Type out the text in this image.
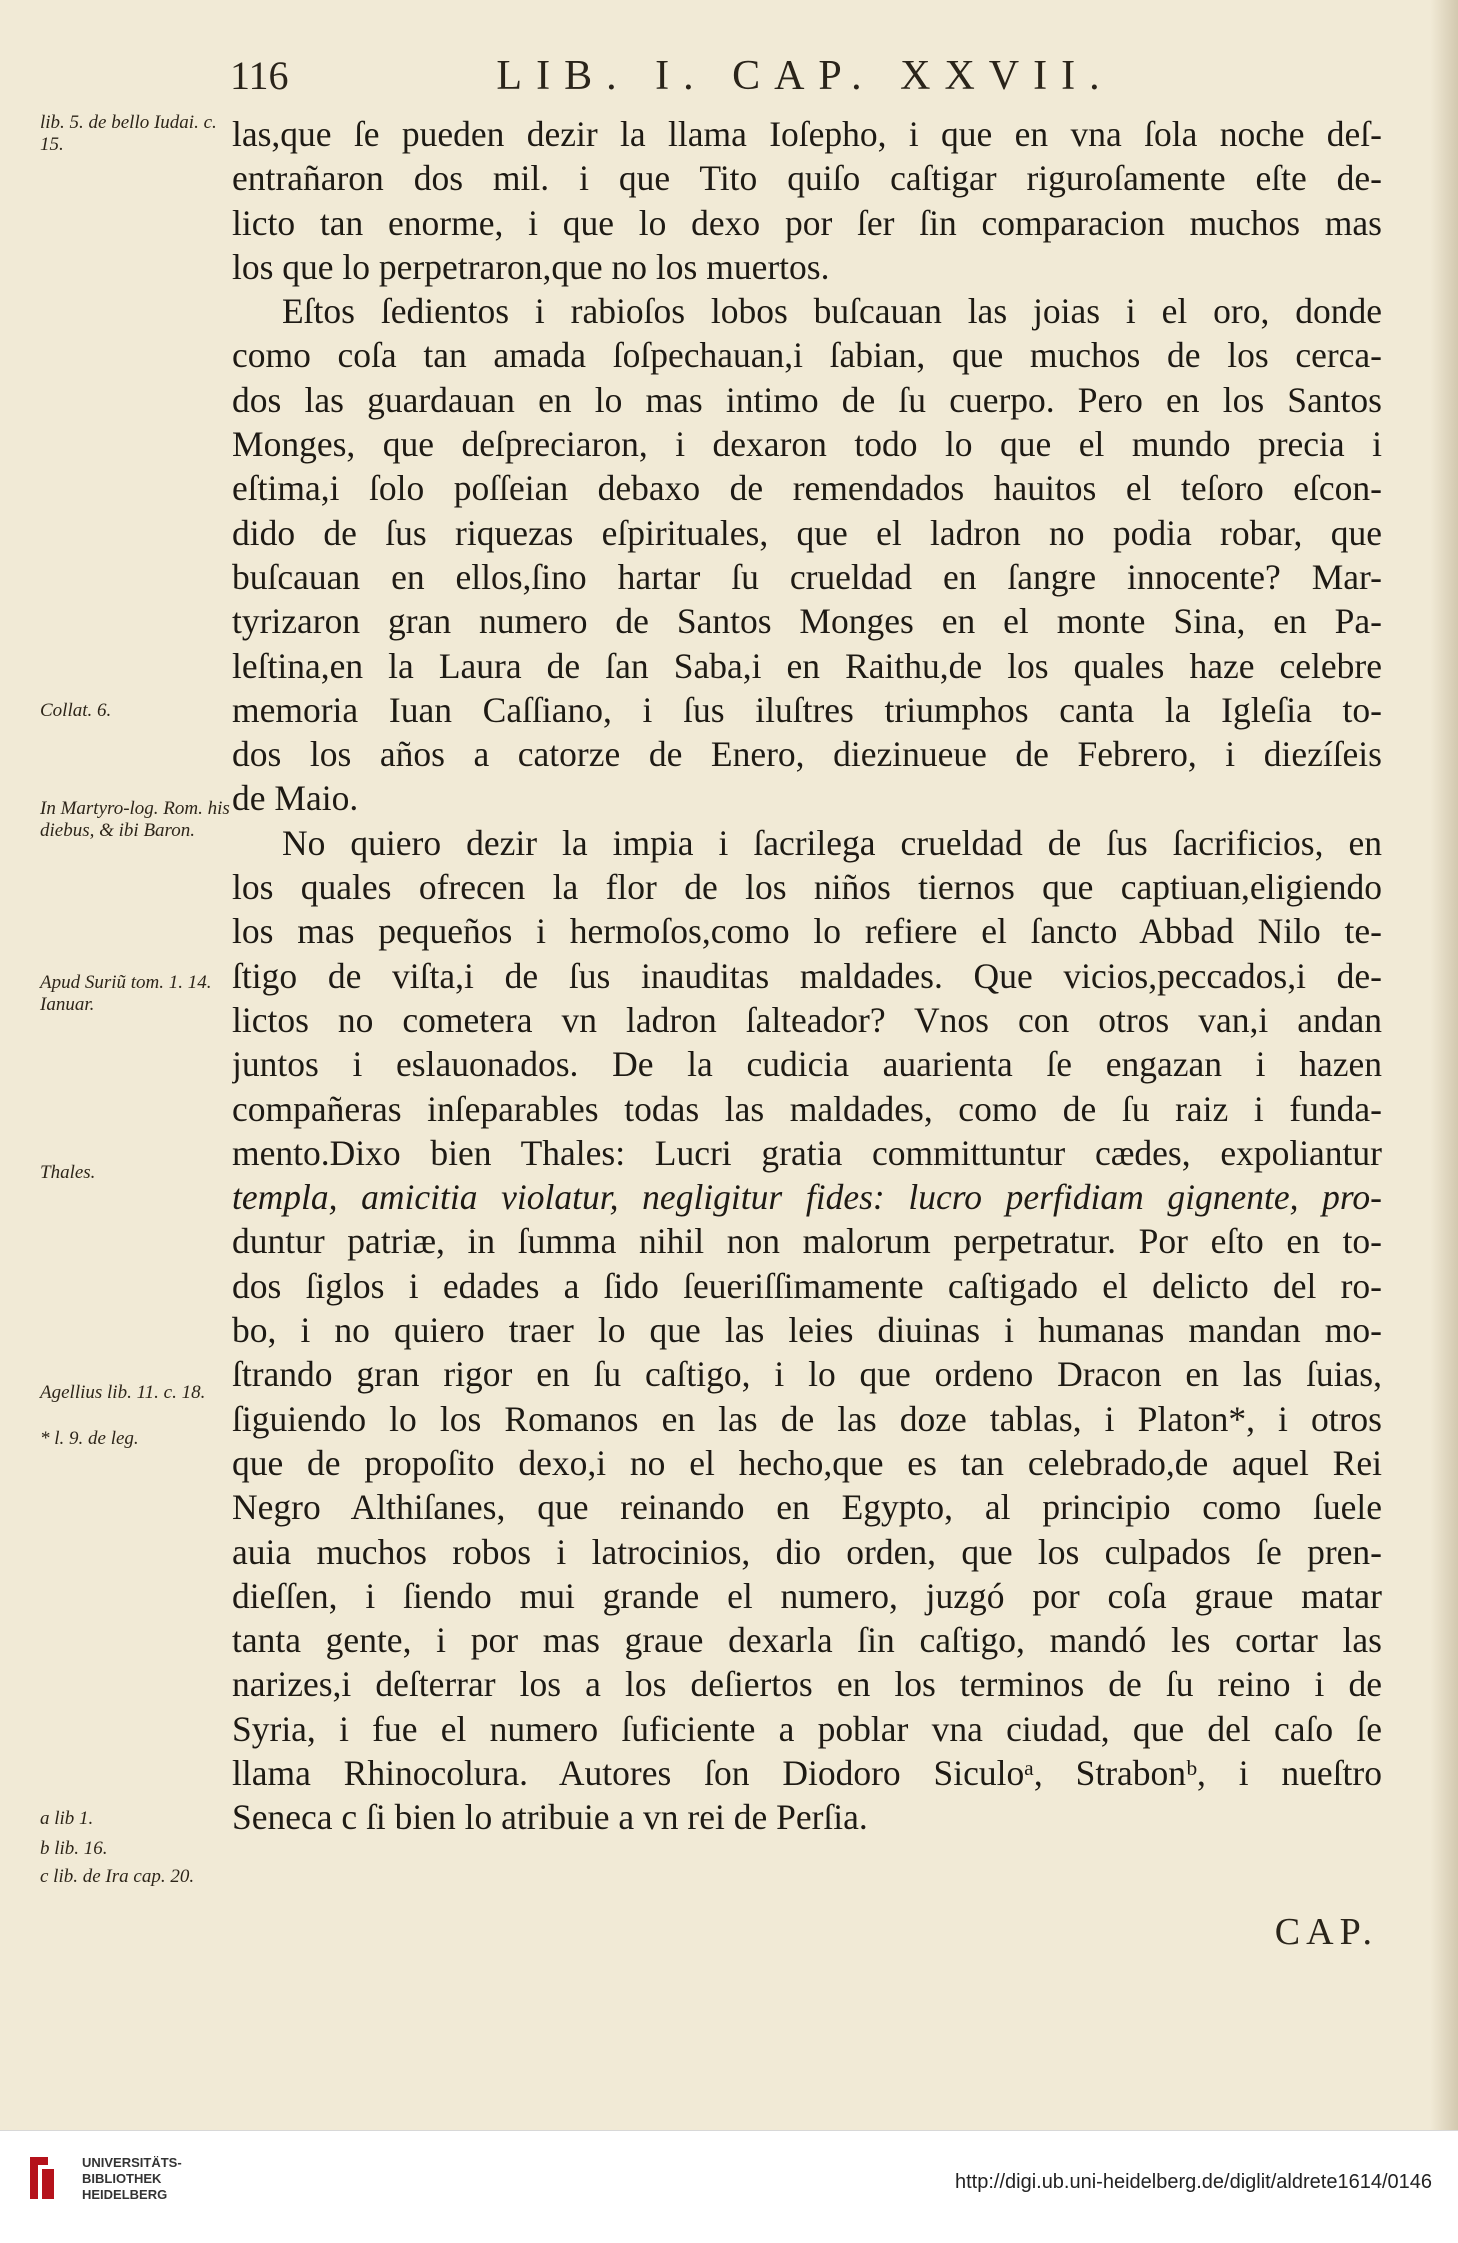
116	LIB. I. CAP. XXVII.
lib. 5. de bello Iudai. c. 15.
Collat. 6.
In Martyro-log. Rom. his diebus, & ibi Baron.
Apud Suriũ tom. 1. 14. Ianuar.
Thales.
Agellius lib. 11. c. 18.
* l. 9. de leg.
a lib 1.
b lib. 16.
c lib. de Ira cap. 20.
las,que ſe pueden dezir la llama Ioſepho, i que en vna ſola noche deſ-
entrañaron dos mil. i que Tito quiſo caſtigar riguroſamente eſte de-
licto tan enorme, i que lo dexo por ſer ſin comparacion muchos mas
los que lo perpetraron,que no los muertos.
Eſtos ſedientos i rabioſos lobos buſcauan las joias i el oro, donde
como coſa tan amada ſoſpechauan,i ſabian, que muchos de los cerca-
dos las guardauan en lo mas intimo de ſu cuerpo. Pero en los Santos
Monges, que deſpreciaron, i dexaron todo lo que el mundo precia i
eſtima,i ſolo poſſeian debaxo de remendados hauitos el teſoro eſcon-
dido de ſus riquezas eſpirituales, que el ladron no podia robar, que
buſcauan en ellos,ſino hartar ſu crueldad en ſangre innocente? Mar-
tyrizaron gran numero de Santos Monges en el monte Sina, en Pa-
leſtina,en la Laura de ſan Saba,i en Raithu,de los quales haze celebre
memoria Iuan Caſſiano, i ſus iluſtres triumphos canta la Igleſia to-
dos los años a catorze de Enero, diezinueue de Febrero, i diezíſeis
de Maio.
No quiero dezir la impia i ſacrilega crueldad de ſus ſacrificios, en
los quales ofrecen la flor de los niños tiernos que captiuan,eligiendo
los mas pequeños i hermoſos,como lo refiere el ſancto Abbad Nilo te-
ſtigo de viſta,i de ſus inauditas maldades. Que vicios,peccados,i de-
lictos no cometera vn ladron ſalteador? Vnos con otros van,i andan
juntos i eslauonados. De la cudicia auarienta ſe engazan i hazen
compañeras inſeparables todas las maldades, como de ſu raiz i funda-
mento.Dixo bien Thales: Lucri gratia committuntur cædes, expoliantur
templa, amicitia violatur, negligitur fides: lucro perfidiam gignente, pro-
duntur patriæ, in ſumma nihil non malorum perpetratur. Por eſto en to-
dos ſiglos i edades a ſido ſeueriſſimamente caſtigado el delicto del ro-
bo, i no quiero traer lo que las leies diuinas i humanas mandan mo-
ſtrando gran rigor en ſu caſtigo, i lo que ordeno Dracon en las ſuias,
ſiguiendo lo los Romanos en las de las doze tablas, i Platon*, i otros
que de propoſito dexo,i no el hecho,que es tan celebrado,de aquel Rei
Negro Althiſanes, que reinando en Egypto, al principio como ſuele
auia muchos robos i latrocinios, dio orden, que los culpados ſe pren-
dieſſen, i ſiendo mui grande el numero, juzgó por coſa graue matar
tanta gente, i por mas graue dexarla ſin caſtigo, mandó les cortar las
narizes,i deſterrar los a los deſiertos en los terminos de ſu reino i de
Syria, i fue el numero ſuficiente a poblar vna ciudad, que del caſo ſe
llama Rhinocolura. Autores ſon Diodoro Siculoᵃ, Strabonᵇ, i nueſtro
Seneca c ſi bien lo atribuie a vn rei de Perſia.
CAP.
UNIVERSITÄTS-
BIBLIOTHEK
HEIDELBERG
http://digi.ub.uni-heidelberg.de/diglit/aldrete1614/0146
